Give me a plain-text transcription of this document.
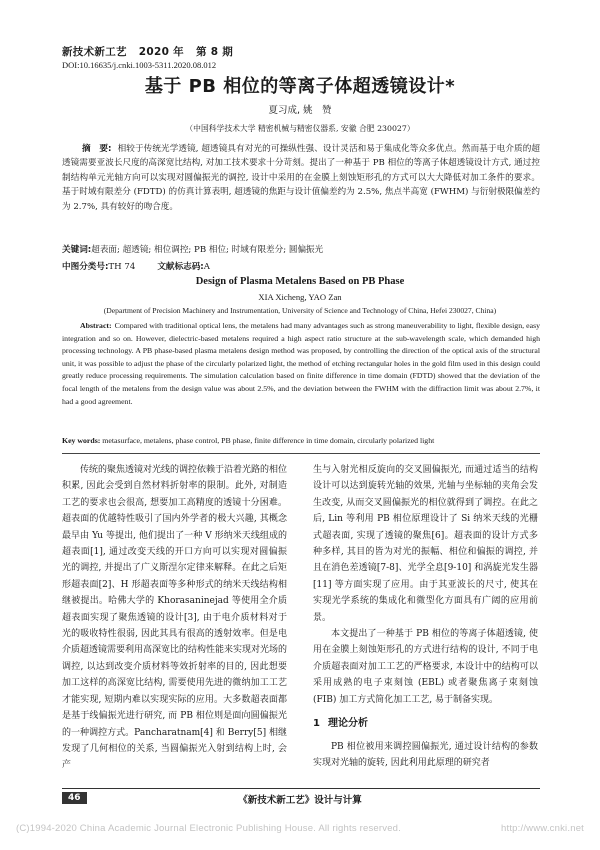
新技术新工艺 2020 年 第 8 期
DOI:10.16635/j.cnki.1003-5311.2020.08.012
基于 PB 相位的等离子体超透镜设计*
夏习成, 姚　赞
（中国科学技术大学 精密机械与精密仪器系, 安徽 合肥 230027）
摘　要: 相较于传统光学透镜, 超透镜具有对光的可操纵性强、设计灵活和易于集成化等众多优点。然而基于电介质的超透镜需要亚波长尺度的高深宽比结构, 对加工技术要求十分苛刻。提出了一种基于 PB 相位的等离子体超透镜设计方式, 通过控制结构单元光轴方向可以实现对圆偏振光的调控, 设计中采用的在金膜上刻蚀矩形孔的方式可以大大降低对加工条件的要求。基于时域有限差分 (FDTD) 的仿真计算表明, 超透镜的焦距与设计值偏差约为 2.5%, 焦点半高宽 (FWHM) 与衍射极限偏差约为 2.7%, 具有较好的吻合度。
关键词:超表面; 超透镜; 相位调控; PB 相位; 时域有限差分; 圆偏振光
中图分类号:TH 74	文献标志码:A
Design of Plasma Metalens Based on PB Phase
XIA Xicheng, YAO Zan
(Department of Precision Machinery and Instrumentation, University of Science and Technology of China, Hefei 230027, China)
Abstract: Compared with traditional optical lens, the metalens had many advantages such as strong maneuverability to light, flexible design, easy integration and so on. However, dielectric-based metalens required a high aspect ratio structure at the sub-wavelength scale, which demanded high processing technology. A PB phase-based plasma metalens design method was proposed, by controlling the direction of the optical axis of the structural unit, it was possible to adjust the phase of the circularly polarized light, the method of etching rectangular holes in the gold film used in this design could greatly reduce processing requirements. The simulation calculation based on finite difference in time domain (FDTD) showed that the deviation of the focal length of the metalens from the design value was about 2.5%, and the deviation between the FWHM with the diffraction limit was about 2.7%, it had a good agreement.
Key words: metasurface, metalens, phase control, PB phase, finite difference in time domain, circularly polarized light

传统的聚焦透镜对光线的调控依赖于沿着光路的相位积累, 因此会受到自然材料折射率的限制。此外, 对制造工艺的要求也会很高, 想要加工高精度的透镜十分困难。超表面的优越特性吸引了国内外学者的极大兴趣, 其概念最早由 Yu 等提出, 他们提出了一种 V 形纳米天线组成的超表面[1], 通过改变天线的开口方向可以实现对圆偏振光的调控, 并提出了广义斯涅尔定律来解释。在此之后矩形超表面[2]、H 形超表面等多种形式的纳米天线结构相继被提出。哈佛大学的 Khorasaninejad 等使用全介质超表面实现了聚焦透镜的设计[3], 由于电介质材料对于光的吸收特性很弱, 因此其具有很高的透射效率。但是电介质超透镜需要利用高深宽比的结构性能来实现对光场的调控, 以达到改变介质材料等效折射率的目的, 因此想要加工这样的高深宽比结构, 需要使用先进的微纳加工工艺才能实现, 短期内难以实现实际的应用。大多数超表面都是基于线偏振光进行研究, 而 PB 相位则是面向圆偏振光的一种调控方式。Pancharatnam[4] 和 Berry[5] 相继发现了几何相位的关系, 当圆偏振光入射到结构上时, 会产

生与入射光相反旋向的交叉圆偏振光, 而通过适当的结构设计可以达到旋转光轴的效果, 光轴与坐标轴的夹角会发生改变, 从而交叉圆偏振光的相位就得到了调控。在此之后, Lin 等利用 PB 相位原理设计了 Si 纳米天线的光栅式超表面, 实现了透镜的聚焦[6]。超表面的设计方式多种多样, 其目的皆为对光的振幅、相位和偏振的调控, 并且在消色差透镜[7-8]、光学全息[9-10] 和涡旋光发生器[11] 等方面实现了应用。由于其亚波长的尺寸, 使其在实现光学系统的集成化和微型化方面具有广阔的应用前景。

本文提出了一种基于 PB 相位的等离子体超透镜, 使用在金膜上刻蚀矩形孔的方式进行结构的设计, 不同于电介质超表面对加工工艺的严格要求, 本设计中的结构可以采用成熟的电子束刻蚀 (EBL) 或者聚焦离子束刻蚀 (FIB) 加工方式简化加工工艺, 易于制备实现。

1 理论分析

PB 相位被用来调控圆偏振光, 通过设计结构的参数实现对光轴的旋转, 因此利用此原理的研究者

46	《新技术新工艺》设计与计算
(C)1994-2020 China Academic Journal Electronic Publishing House. All rights reserved.	http://www.cnki.net
